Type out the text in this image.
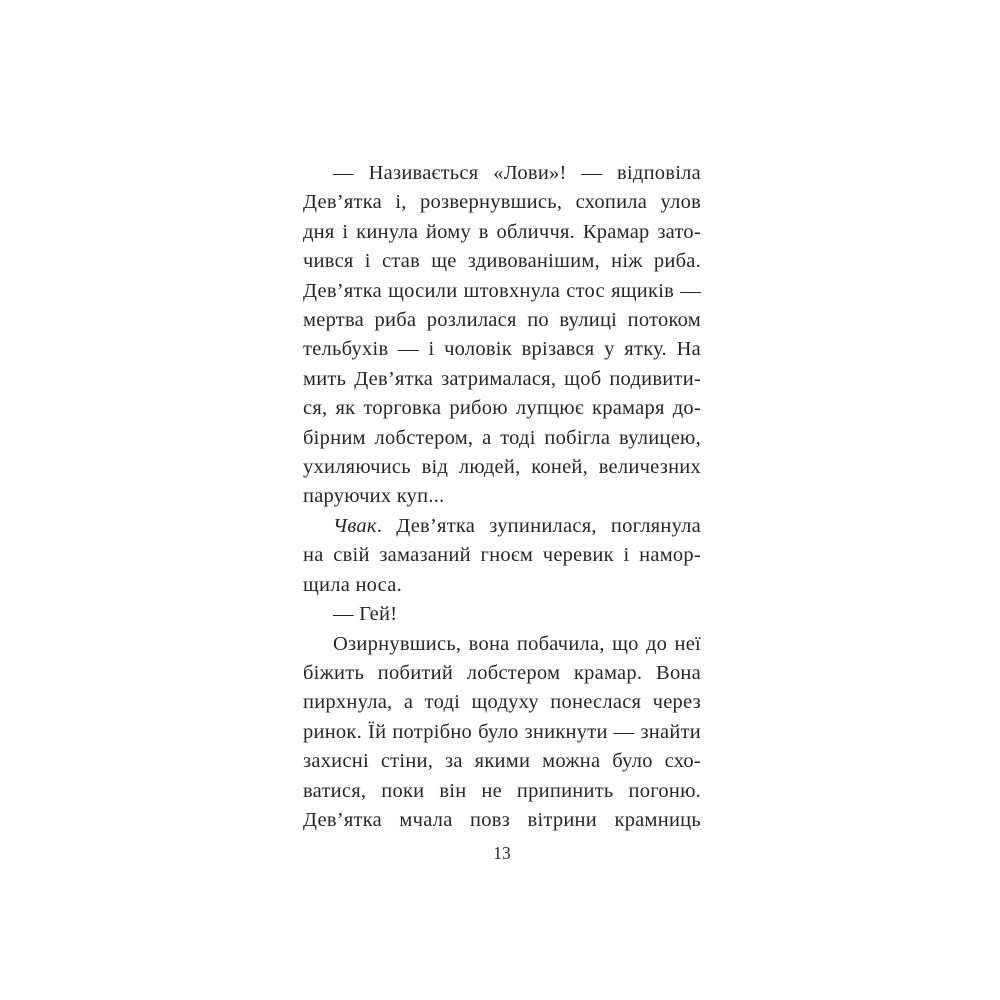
— Називається «Лови»! — відповіла
Дев’ятка і, розвернувшись, схопила улов
дня і кинула йому в обличчя. Крамар зато-
чився і став ще здивованішим, ніж риба.
Дев’ятка щосили штовхнула стос ящиків —
мертва риба розлилася по вулиці потоком
тельбухів — і чоловік врізався у ятку. На
мить Дев’ятка затрималася, щоб подивити-
ся, як торговка рибою лупцює крамаря до-
бірним лобстером, а тоді побігла вулицею,
ухиляючись від людей, коней, величезних
паруючих куп...
Чвак. Дев’ятка зупинилася, поглянула
на свій замазаний гноєм черевик і намор-
щила носа.
— Гей!
Озирнувшись, вона побачила, що до неї
біжить побитий лобстером крамар. Вона
пирхнула, а тоді щодуху понеслася через
ринок. Їй потрібно було зникнути — знайти
захисні стіни, за якими можна було схо-
ватися, поки він не припинить погоню.
Дев’ятка мчала повз вітрини крамниць
13
